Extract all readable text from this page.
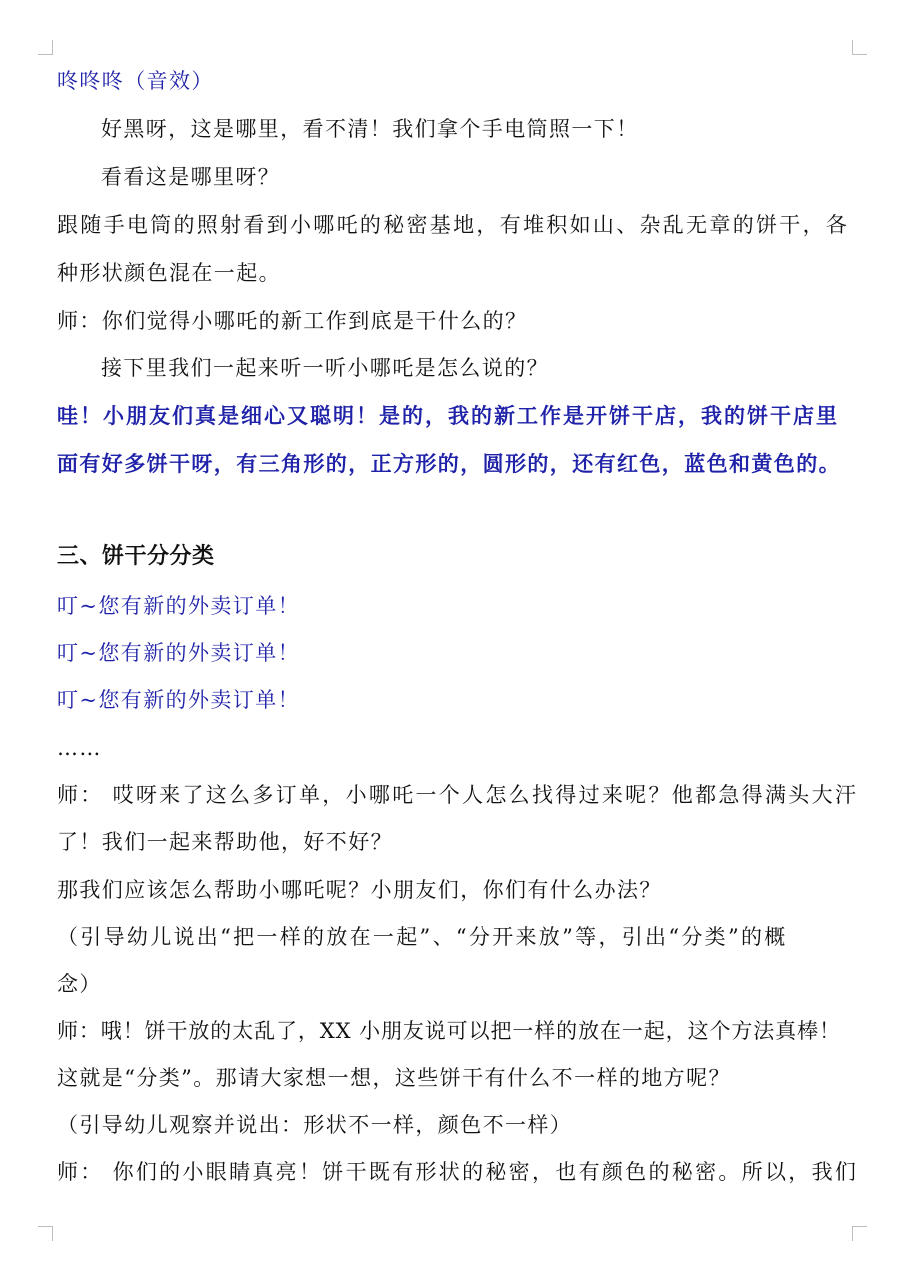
咚咚咚（音效）
好黑呀，这是哪里，看不清！我们拿个手电筒照一下！
看看这是哪里呀？
跟随手电筒的照射看到小哪吒的秘密基地，有堆积如山、杂乱无章的饼干，各
种形状颜色混在一起。
师：你们觉得小哪吒的新工作到底是干什么的？
接下里我们一起来听一听小哪吒是怎么说的？
哇！小朋友们真是细心又聪明！是的，我的新工作是开饼干店，我的饼干店里
面有好多饼干呀，有三角形的，正方形的，圆形的，还有红色，蓝色和黄色的。
三、饼干分分类
叮~您有新的外卖订单！
叮~您有新的外卖订单！
叮~您有新的外卖订单！
……
师： 哎呀来了这么多订单，小哪吒一个人怎么找得过来呢？他都急得满头大汗
了！我们一起来帮助他，好不好？
那我们应该怎么帮助小哪吒呢？小朋友们，你们有什么办法？
（引导幼儿说出“把一样的放在一起”、“分开来放”等，引出“分类”的概
念）
师：哦！饼干放的太乱了，XX 小朋友说可以把一样的放在一起，这个方法真棒！
这就是“分类”。那请大家想一想，这些饼干有什么不一样的地方呢？
（引导幼儿观察并说出：形状不一样，颜色不一样）
师： 你们的小眼睛真亮！饼干既有形状的秘密，也有颜色的秘密。所以，我们
